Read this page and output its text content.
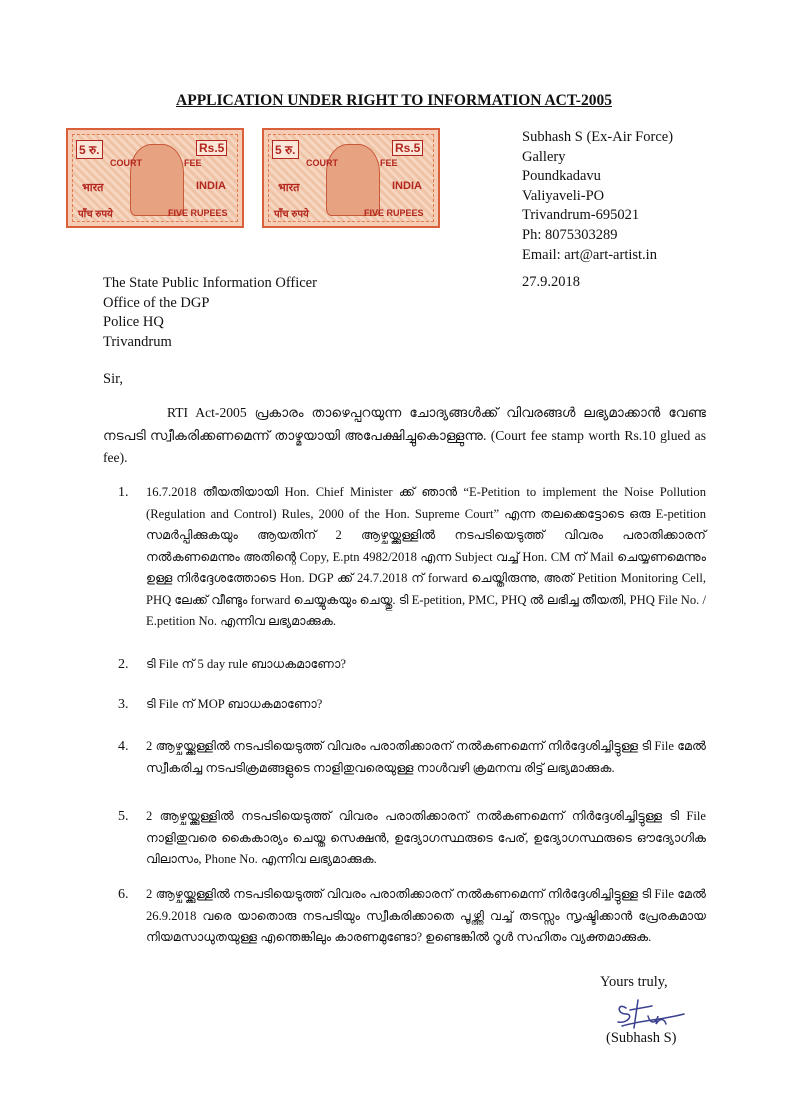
APPLICATION UNDER RIGHT TO INFORMATION ACT-2005
5 रु.	Rs.5
COURT	FEE
भारत	INDIA
पाँच रुपये	FIVE RUPEES
5 रु.	Rs.5
COURT	FEE
भारत	INDIA
पाँच रुपये	FIVE RUPEES
Subhash S (Ex-Air Force)
Gallery
Poundkadavu
Valiyaveli-PO
Trivandrum-695021
Ph: 8075303289
Email: art@art-artist.in
The State Public Information Officer
Office of the DGP
Police HQ
Trivandrum
27.9.2018
Sir,
RTI Act-2005 പ്രകാരം താഴെപ്പറയുന്ന ചോദ്യങ്ങൾക്ക് വിവരങ്ങൾ ലഭ്യമാക്കാൻ വേണ്ട നടപടി സ്വീകരിക്കണമെന്ന് താഴ്മയായി അപേക്ഷിച്ചുകൊള്ളുന്നു. (Court fee stamp worth Rs.10 glued as fee).
1. 16.7.2018 തീയതിയായി Hon. Chief Minister ക്ക് ഞാൻ “E-Petition to implement the Noise Pollution (Regulation and Control) Rules, 2000 of the Hon. Supreme Court” എന്ന തലക്കെട്ടോടെ ഒരു E-petition സമർപ്പിക്കുകയും ആയതിന് 2 ആഴ്ചയ്ക്കുള്ളിൽ നടപടിയെടുത്ത് വിവരം പരാതിക്കാരന് നൽകണമെന്നും അതിന്റെ Copy, E.ptn 4982/2018 എന്ന Subject വച്ച് Hon. CM ന് Mail ചെയ്യണമെന്നും ഉള്ള നിർദ്ദേശത്തോടെ Hon. DGP ക്ക് 24.7.2018 ന് forward ചെയ്തിരുന്നു, അത് Petition Monitoring Cell, PHQ ലേക്ക് വീണ്ടും forward ചെയ്യുകയും ചെയ്തു. ടി E-petition, PMC, PHQ ൽ ലഭിച്ച തീയതി, PHQ File No. / E.petition No. എന്നിവ ലഭ്യമാക്കുക.
2. ടി File ന് 5 day rule ബാധകമാണോ?
3. ടി File ന് MOP ബാധകമാണോ?
4. 2 ആഴ്ചയ്ക്കുള്ളിൽ നടപടിയെടുത്ത് വിവരം പരാതിക്കാരന് നൽകണമെന്ന് നിർദ്ദേശിച്ചിട്ടുള്ള ടി File മേൽ സ്വീകരിച്ച നടപടിക്രമങ്ങളുടെ നാളിതുവരെയുള്ള നാൾവഴി ക്രമനമ്പ രിട്ട് ലഭ്യമാക്കുക.
5. 2 ആഴ്ചയ്ക്കുള്ളിൽ നടപടിയെടുത്ത് വിവരം പരാതിക്കാരന് നൽകണമെന്ന് നിർദ്ദേശിച്ചിട്ടുള്ള ടി File നാളിതുവരെ കൈകാര്യം ചെയ്ത സെക്ഷൻ, ഉദ്യോഗസ്ഥരുടെ പേര്, ഉദ്യോഗസ്ഥരുടെ ഔദ്യോഗിക വിലാസം, Phone No. എന്നിവ ലഭ്യമാക്കുക.
6. 2 ആഴ്ചയ്ക്കുള്ളിൽ നടപടിയെടുത്ത് വിവരം പരാതിക്കാരന് നൽകണമെന്ന് നിർദ്ദേശിച്ചിട്ടുള്ള ടി File മേൽ 26.9.2018 വരെ യാതൊരു നടപടിയും സ്വീകരിക്കാതെ പൂഴ്ത്തി വച്ച് തടസ്സം സൃഷ്ടിക്കാൻ പ്രേരകമായ നിയമസാധുതയുള്ള എന്തെങ്കിലും കാരണമുണ്ടോ? ഉണ്ടെങ്കിൽ റൂൾ സഹിതം വ്യക്തമാക്കുക.
Yours truly,
(Subhash S)
